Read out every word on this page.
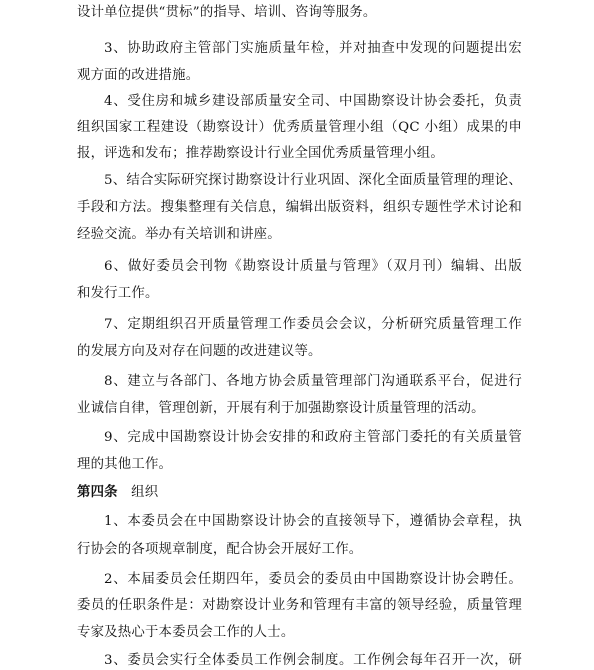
设计单位提供“贯标”的指导、培训、咨询等服务。
3、协助政府主管部门实施质量年检，并对抽查中发现的问题提出宏
观方面的改进措施。
4、受住房和城乡建设部质量安全司、中国勘察设计协会委托，负责
组织国家工程建设（勘察设计）优秀质量管理小组（QC 小组）成果的申
报，评选和发布；推荐勘察设计行业全国优秀质量管理小组。
5、结合实际研究探讨勘察设计行业巩固、深化全面质量管理的理论、
手段和方法。搜集整理有关信息，编辑出版资料，组织专题性学术讨论和
经验交流。举办有关培训和讲座。
6、做好委员会刊物《勘察设计质量与管理》（双月刊）编辑、出版
和发行工作。
7、定期组织召开质量管理工作委员会会议，分析研究质量管理工作
的发展方向及对存在问题的改进建议等。
8、建立与各部门、各地方协会质量管理部门沟通联系平台，促进行
业诚信自律，管理创新，开展有利于加强勘察设计质量管理的活动。
9、完成中国勘察设计协会安排的和政府主管部门委托的有关质量管
理的其他工作。
第四条 组织
1、本委员会在中国勘察设计协会的直接领导下，遵循协会章程，执
行协会的各项规章制度，配合协会开展好工作。
2、本届委员会任期四年，委员会的委员由中国勘察设计协会聘任。
委员的任职条件是：对勘察设计业务和管理有丰富的领导经验，质量管理
专家及热心于本委员会工作的人士。
3、委员会实行全体委员工作例会制度。工作例会每年召开一次，研
